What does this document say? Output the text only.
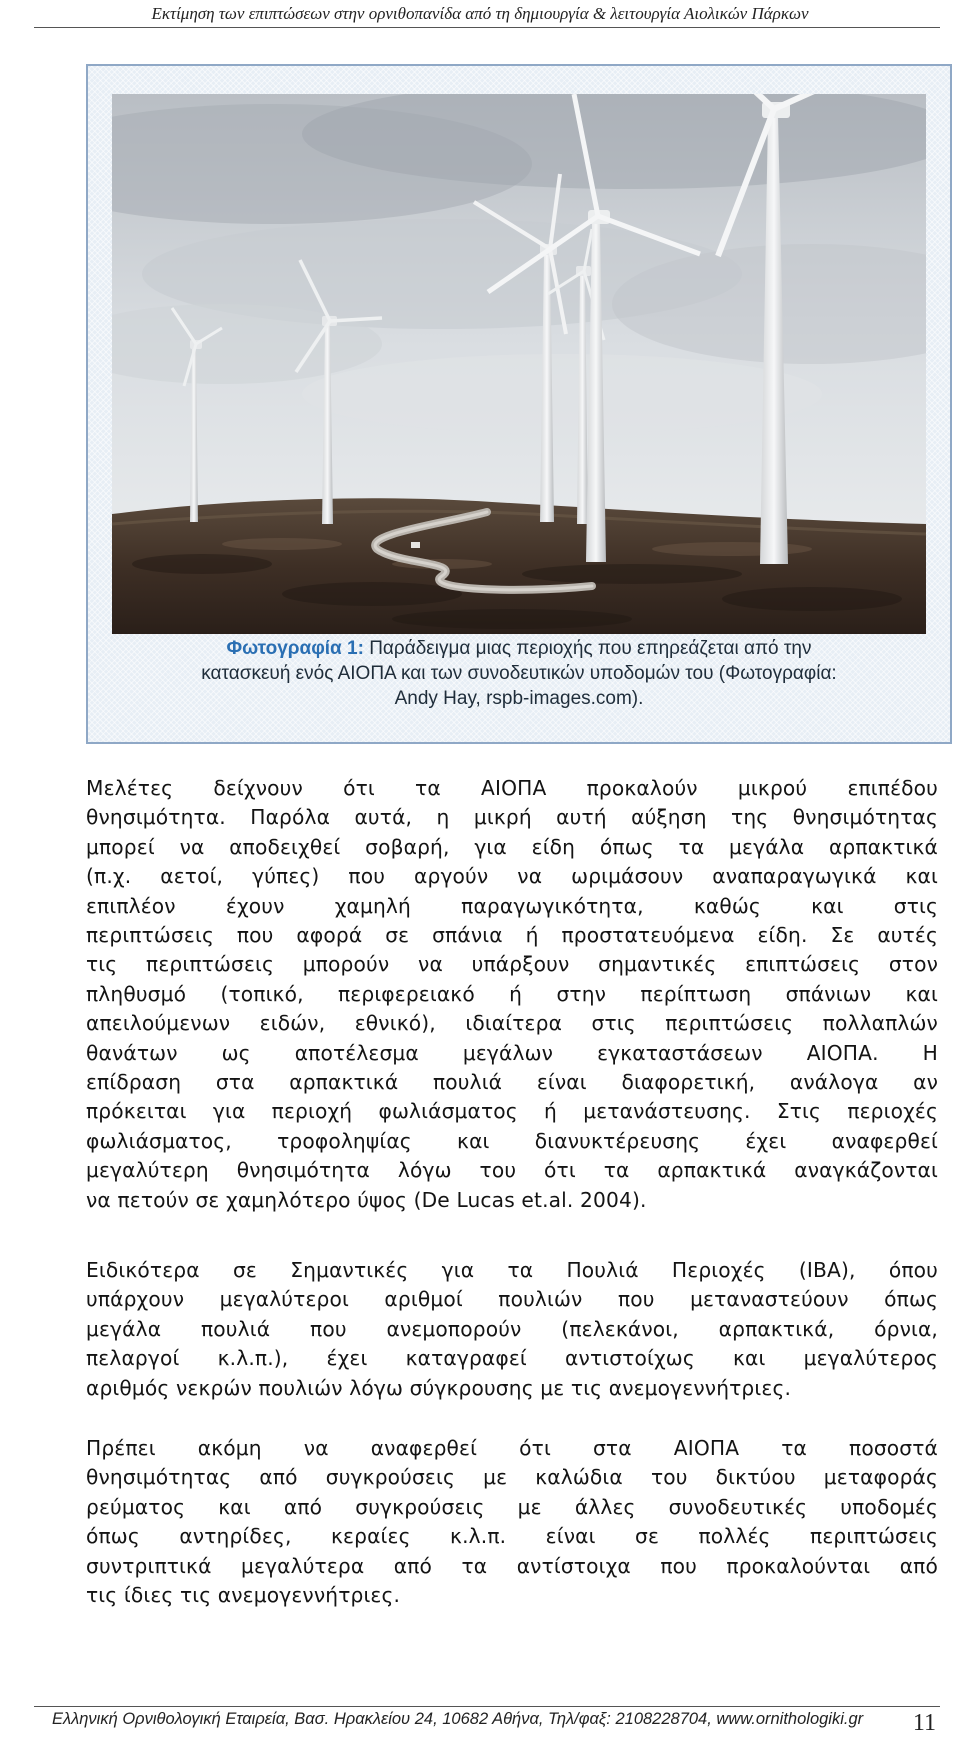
Εκτίμηση των επιπτώσεων στην ορνιθοπανίδα από τη δημιουργία & λειτουργία Αιολικών Πάρκων
Φωτογραφία 1: Παράδειγμα μιας περιοχής που επηρεάζεται από την
κατασκευή ενός ΑΙΟΠΑ και των συνοδευτικών υποδομών του (Φωτογραφία:
Andy Hay, rspb-images.com).
Μελέτες δείχνουν ότι τα ΑΙΟΠΑ προκαλούν μικρού επιπέδου
θνησιμότητα. Παρόλα αυτά, η μικρή αυτή αύξηση της θνησιμότητας
μπορεί να αποδειχθεί σοβαρή, για είδη όπως τα μεγάλα αρπακτικά
(π.χ. αετοί, γύπες) που αργούν να ωριμάσουν αναπαραγωγικά και
επιπλέον έχουν χαμηλή παραγωγικότητα, καθώς και στις
περιπτώσεις που αφορά σε σπάνια ή προστατευόμενα είδη. Σε αυτές
τις περιπτώσεις μπορούν να υπάρξουν σημαντικές επιπτώσεις στον
πληθυσμό (τοπικό, περιφερειακό ή στην περίπτωση σπάνιων και
απειλούμενων ειδών, εθνικό), ιδιαίτερα στις περιπτώσεις πολλαπλών
θανάτων ως αποτέλεσμα μεγάλων εγκαταστάσεων ΑΙΟΠΑ. Η
επίδραση στα αρπακτικά πουλιά είναι διαφορετική, ανάλογα αν
πρόκειται για περιοχή φωλιάσματος ή μετανάστευσης. Στις περιοχές
φωλιάσματος, τροφοληψίας και διανυκτέρευσης έχει αναφερθεί
μεγαλύτερη θνησιμότητα λόγω του ότι τα αρπακτικά αναγκάζονται
να πετούν σε χαμηλότερο ύψος (De Lucas et.al. 2004).
Ειδικότερα σε Σημαντικές για τα Πουλιά Περιοχές (ΙΒΑ), όπου
υπάρχουν μεγαλύτεροι αριθμοί πουλιών που μεταναστεύουν όπως
μεγάλα πουλιά που ανεμοπορούν (πελεκάνοι, αρπακτικά, όρνια,
πελαργοί κ.λ.π.), έχει καταγραφεί αντιστοίχως και μεγαλύτερος
αριθμός νεκρών πουλιών λόγω σύγκρουσης με τις ανεμογεννήτριες.
Πρέπει ακόμη να αναφερθεί ότι στα ΑΙΟΠΑ τα ποσοστά
θνησιμότητας από συγκρούσεις με καλώδια του δικτύου μεταφοράς
ρεύματος και από συγκρούσεις με άλλες συνοδευτικές υποδομές
όπως αντηρίδες, κεραίες κ.λ.π. είναι σε πολλές περιπτώσεις
συντριπτικά μεγαλύτερα από τα αντίστοιχα που προκαλούνται από
τις ίδιες τις ανεμογεννήτριες.
Ελληνική Ορνιθολογική Εταιρεία, Βασ. Ηρακλείου 24, 10682 Αθήνα, Τηλ/φαξ: 2108228704, www.ornithologiki.gr	11
